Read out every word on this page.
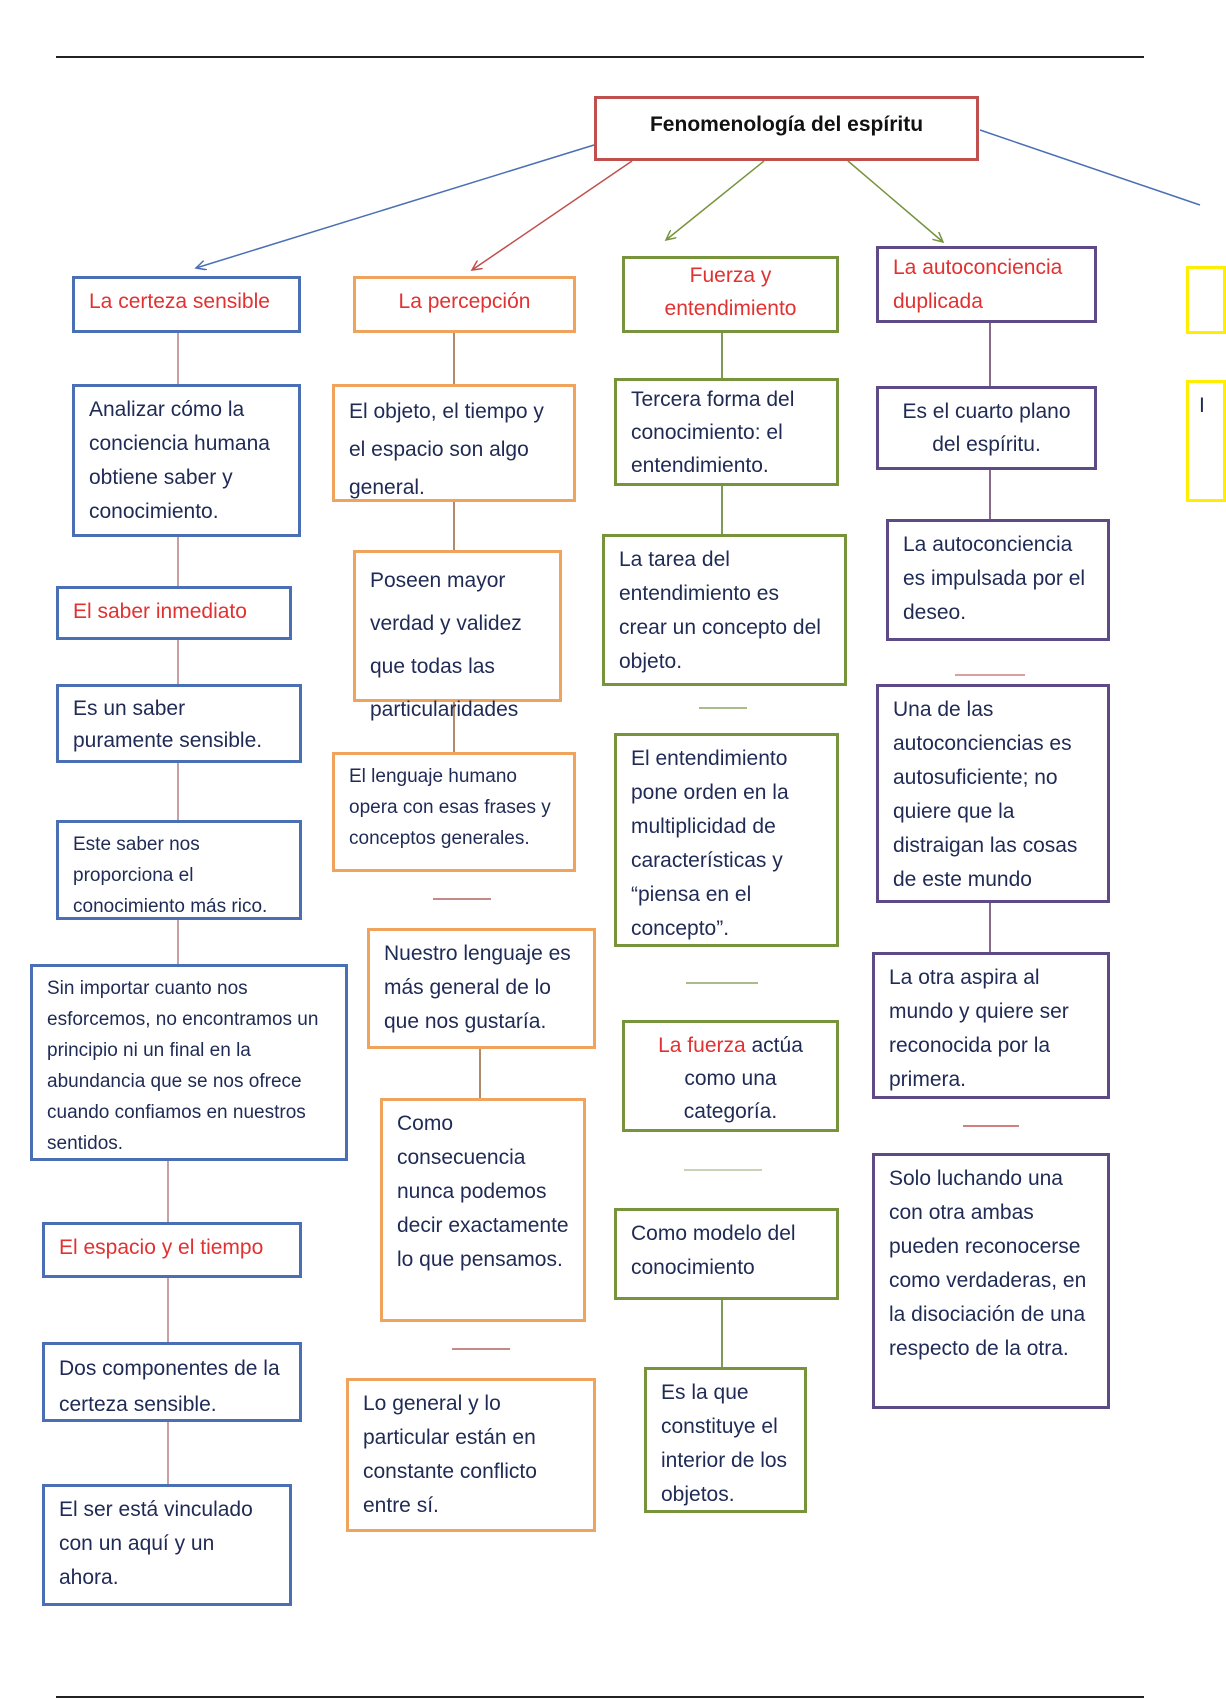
Fenomenología del espíritu
La certeza sensible
Analizar cómo la conciencia humana obtiene saber y conocimiento.
El saber inmediato
Es un saber puramente sensible.
Este saber nos proporciona el conocimiento más rico.
Sin importar cuanto nos esforcemos, no encontramos un principio ni un final en la abundancia que se nos ofrece cuando confiamos en nuestros sentidos.
El espacio y el tiempo
Dos componentes de la certeza sensible.
El ser está vinculado con un aquí y un ahora.
La percepción
El objeto, el tiempo y el espacio son algo general.
Poseen mayor verdad y validez que todas las particularidades
El lenguaje humano opera con esas frases y conceptos generales.
Nuestro lenguaje es más general de lo que nos gustaría.
Como consecuencia nunca podemos decir exactamente lo que pensamos.
Lo general y lo particular están en constante conflicto entre sí.
Fuerza y entendimiento
Tercera forma del conocimiento: el entendimiento.
La tarea del entendimiento es crear un concepto del objeto.
El entendimiento pone orden en la multiplicidad de características y “piensa en el concepto”.
La fuerza actúa como una categoría.
Como modelo del conocimiento
Es la que constituye el interior de los objetos.
La autoconciencia duplicada
Es el cuarto plano del espíritu.
La autoconciencia es impulsada por el deseo.
Una de las autoconciencias es autosuficiente; no quiere que la distraigan las cosas de este mundo
La otra aspira al mundo y quiere ser reconocida por la primera.
Solo luchando una con otra ambas pueden reconocerse como verdaderas, en la disociación de una respecto de la otra.
I
